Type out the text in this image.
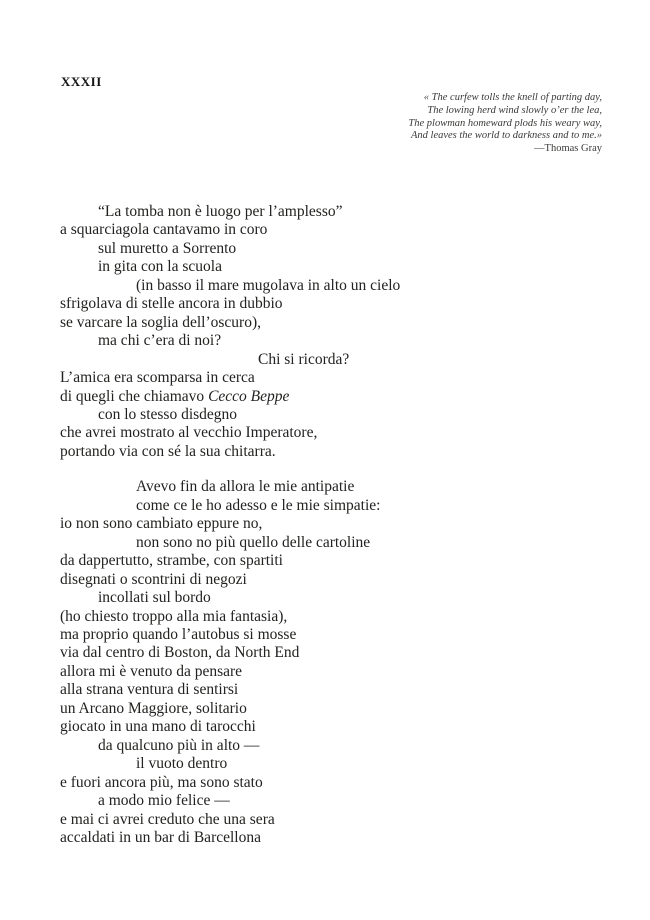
XXXII
« The curfew tolls the knell of parting day,
The lowing herd wind slowly o’er the lea,
The plowman homeward plods his weary way,
And leaves the world to darkness and to me.»
—Thomas Gray
“La tomba non è luogo per l’amplesso”
a squarciagola cantavamo in coro
sul muretto a Sorrento
in gita con la scuola
(in basso il mare mugolava in alto un cielo
sfrigolava di stelle ancora in dubbio
se varcare la soglia dell’oscuro),
ma chi c’era di noi?
Chi si ricorda?
L’amica era scomparsa in cerca
di quegli che chiamavo Cecco Beppe
con lo stesso disdegno
che avrei mostrato al vecchio Imperatore,
portando via con sé la sua chitarra.
Avevo fin da allora le mie antipatie
come ce le ho adesso e le mie simpatie:
io non sono cambiato eppure no,
non sono no più quello delle cartoline
da dappertutto, strambe, con spartiti
disegnati o scontrini di negozi
incollati sul bordo
(ho chiesto troppo alla mia fantasia),
ma proprio quando l’autobus si mosse
via dal centro di Boston, da North End
allora mi è venuto da pensare
alla strana ventura di sentirsi
un Arcano Maggiore, solitario
giocato in una mano di tarocchi
da qualcuno più in alto —
il vuoto dentro
e fuori ancora più, ma sono stato
a modo mio felice —
e mai ci avrei creduto che una sera
accaldati in un bar di Barcellona
